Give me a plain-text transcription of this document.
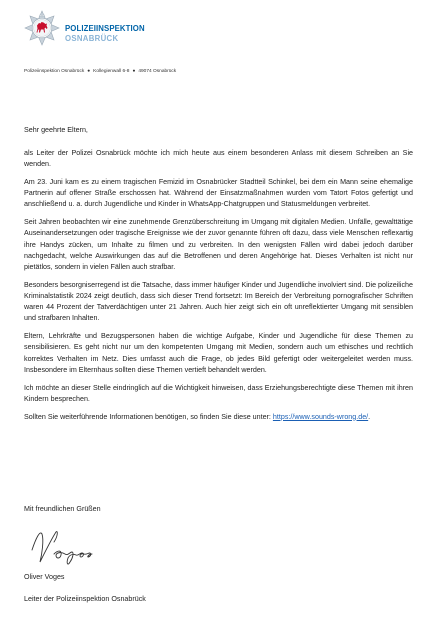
POLIZEIINSPEKTION
OSNABRÜCK
Polizeiinspektion Osnabrück ● Kollegienwall 6-8 ● 49074 Osnabrück
Sehr geehrte Eltern,

als Leiter der Polizei Osnabrück möchte ich mich heute aus einem besonderen Anlass mit diesem Schreiben an Sie wenden.

Am 23. Juni kam es zu einem tragischen Femizid im Osnabrücker Stadtteil Schinkel, bei dem ein Mann seine ehemalige Partnerin auf offener Straße erschossen hat. Während der Einsatzmaßnahmen wurden vom Tatort Fotos gefertigt und anschließend u. a. durch Jugendliche und Kinder in WhatsApp-Chatgruppen und Statusmeldungen verbreitet.

Seit Jahren beobachten wir eine zunehmende Grenzüberschreitung im Umgang mit digitalen Medien. Unfälle, gewalttätige Auseinandersetzungen oder tragische Ereignisse wie der zuvor genannte führen oft dazu, dass viele Menschen reflexartig ihre Handys zücken, um Inhalte zu filmen und zu verbreiten. In den wenigsten Fällen wird dabei jedoch darüber nachgedacht, welche Auswirkungen das auf die Betroffenen und deren Angehörige hat. Dieses Verhalten ist nicht nur pietätlos, sondern in vielen Fällen auch strafbar.

Besonders besorgniserregend ist die Tatsache, dass immer häufiger Kinder und Jugendliche involviert sind. Die polizeiliche Kriminalstatistik 2024 zeigt deutlich, dass sich dieser Trend fortsetzt: Im Bereich der Verbreitung pornografischer Schriften waren 44 Prozent der Tatverdächtigen unter 21 Jahren. Auch hier zeigt sich ein oft unreflektierter Umgang mit sensiblen und strafbaren Inhalten.

Eltern, Lehrkräfte und Bezugspersonen haben die wichtige Aufgabe, Kinder und Jugendliche für diese Themen zu sensibilisieren. Es geht nicht nur um den kompetenten Umgang mit Medien, sondern auch um ethisches und rechtlich korrektes Verhalten im Netz. Dies umfasst auch die Frage, ob jedes Bild gefertigt oder weitergeleitet werden muss. Insbesondere im Elternhaus sollten diese Themen vertieft behandelt werden.

Ich möchte an dieser Stelle eindringlich auf die Wichtigkeit hinweisen, dass Erziehungsberechtigte diese Themen mit ihren Kindern besprechen.

Sollten Sie weiterführende Informationen benötigen, so finden Sie diese unter: https://www.sounds-wrong.de/.

Mit freundlichen Grüßen
Oliver Voges
Leiter der Polizeiinspektion Osnabrück
